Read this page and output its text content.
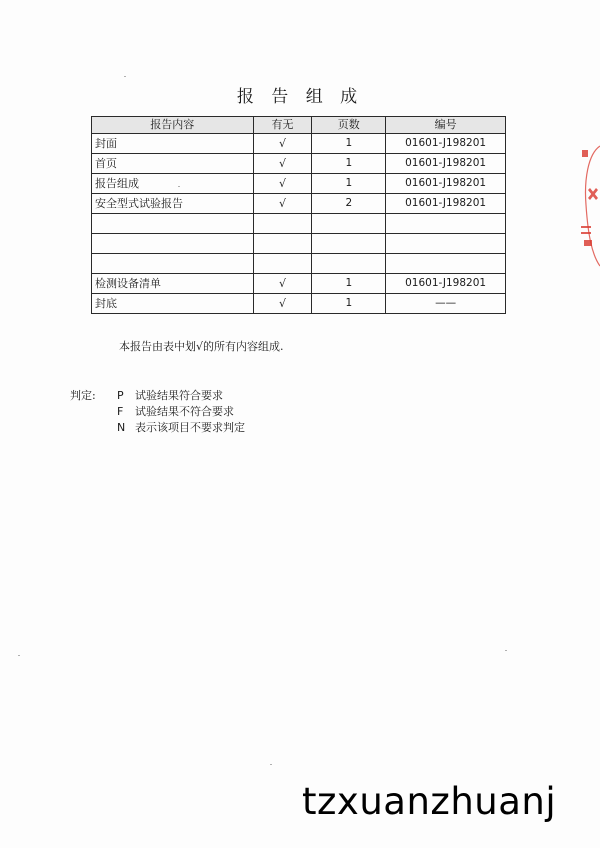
报 告 组 成
报告内容	有无	页数	编号
封面	√	1	01601-J198201
首页	√	1	01601-J198201
报告组成	√	1	01601-J198201
安全型式试验报告	√	2	01601-J198201

检测设备清单	√	1	01601-J198201
封底	√	1	——
本报告由表中划√的所有内容组成.
判定:	P	试验结果符合要求
F	试验结果不符合要求
N 表示该项目不要求判定
tzxuanzhuanj
